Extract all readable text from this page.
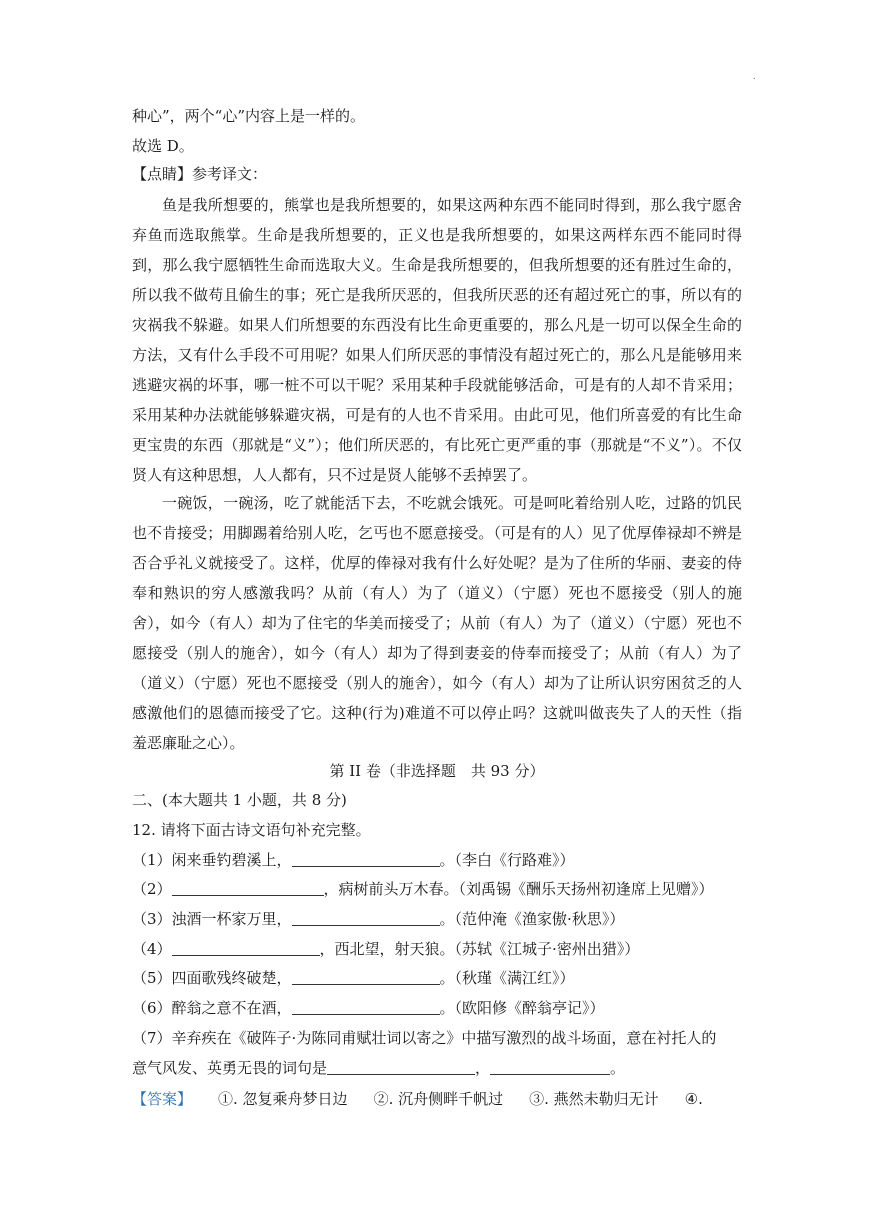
.
种心”，两个“心”内容上是一样的。
故选 D。
【点睛】参考译文：
鱼是我所想要的，熊掌也是我所想要的，如果这两种东西不能同时得到，那么我宁愿舍弃鱼而选取熊掌。生命是我所想要的，正义也是我所想要的，如果这两样东西不能同时得到，那么我宁愿牺牲生命而选取大义。生命是我所想要的，但我所想要的还有胜过生命的，所以我不做苟且偷生的事；死亡是我所厌恶的，但我所厌恶的还有超过死亡的事，所以有的灾祸我不躲避。如果人们所想要的东西没有比生命更重要的，那么凡是一切可以保全生命的方法，又有什么手段不可用呢？如果人们所厌恶的事情没有超过死亡的，那么凡是能够用来逃避灾祸的坏事，哪一桩不可以干呢？采用某种手段就能够活命，可是有的人却不肯采用；采用某种办法就能够躲避灾祸，可是有的人也不肯采用。由此可见，他们所喜爱的有比生命更宝贵的东西（那就是“义”）；他们所厌恶的，有比死亡更严重的事（那就是“不义”）。不仅贤人有这种思想，人人都有，只不过是贤人能够不丢掉罢了。
一碗饭，一碗汤，吃了就能活下去，不吃就会饿死。可是呵叱着给别人吃，过路的饥民也不肯接受；用脚踢着给别人吃，乞丐也不愿意接受。（可是有的人）见了优厚俸禄却不辨是否合乎礼义就接受了。这样，优厚的俸禄对我有什么好处呢？是为了住所的华丽、妻妾的侍奉和熟识的穷人感激我吗？从前（有人）为了（道义）（宁愿）死也不愿接受（别人的施舍），如今（有人）却为了住宅的华美而接受了；从前（有人）为了（道义）（宁愿）死也不愿接受（别人的施舍），如今（有人）却为了得到妻妾的侍奉而接受了；从前（有人）为了（道义）（宁愿）死也不愿接受（别人的施舍），如今（有人）却为了让所认识穷困贫乏的人感激他们的恩德而接受了它。这种(行为)难道不可以停止吗？这就叫做丧失了人的天性（指羞恶廉耻之心）。
第 II 卷（非选择题　共 93 分）
二、(本大题共 1 小题，共 8 分)
12. 请将下面古诗文语句补充完整。
（1）闲来垂钓碧溪上，	。（李白《行路难》）
（2）	，病树前头万木春。（刘禹锡《酬乐天扬州初逢席上见赠》）
（3）浊酒一杯家万里，	。（范仲淹《渔家傲·秋思》）
（4）	，西北望，射天狼。（苏轼《江城子·密州出猎》）
（5）四面歌残终破楚，	。（秋瑾《满江红》）
（6）醉翁之意不在酒，	。（欧阳修《醉翁亭记》）
（7）辛弃疾在《破阵子·为陈同甫赋壮词以寄之》中描写激烈的战斗场面，意在衬托人的
意气风发、英勇无畏的词句是	，	。
【答案】 ①. 忽复乘舟梦日边 ②. 沉舟侧畔千帆过 ③. 燕然未勒归无计 ④.
